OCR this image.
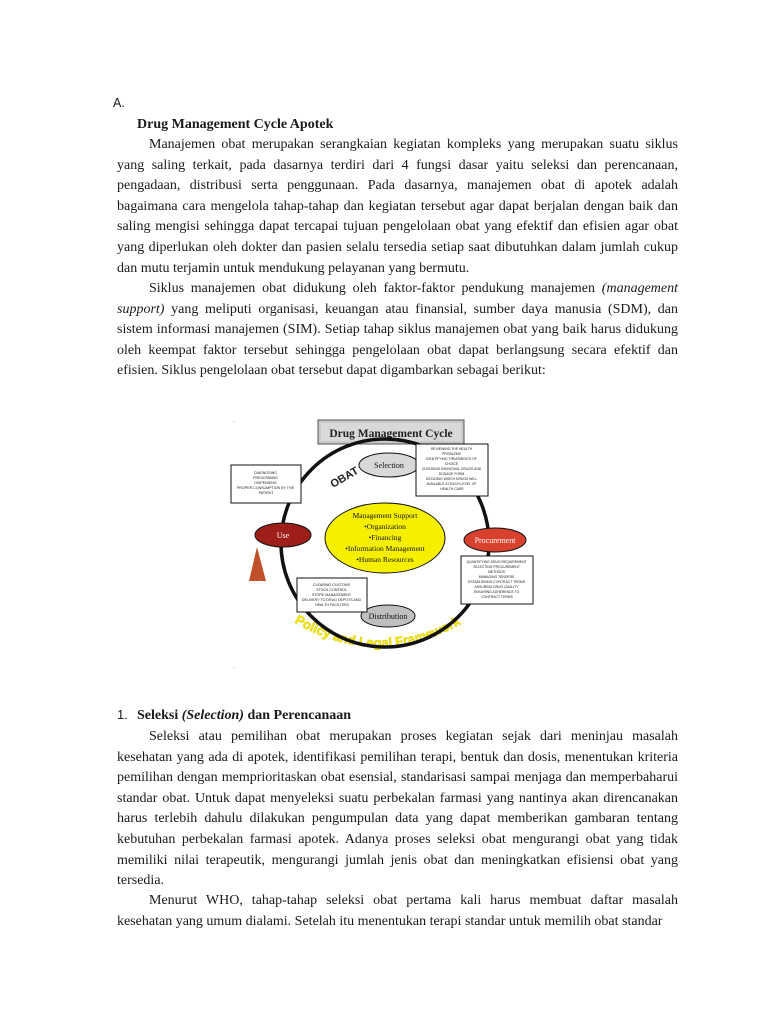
A.
Drug Management Cycle Apotek

Manajemen obat merupakan serangkaian kegiatan kompleks yang merupakan suatu siklus yang saling terkait, pada dasarnya terdiri dari 4 fungsi dasar yaitu seleksi dan perencanaan, pengadaan, distribusi serta penggunaan. Pada dasarnya, manajemen obat di apotek adalah bagaimana cara mengelola tahap-tahap dan kegiatan tersebut agar dapat berjalan dengan baik dan saling mengisi sehingga dapat tercapai tujuan pengelolaan obat yang efektif dan efisien agar obat yang diperlukan oleh dokter dan pasien selalu tersedia setiap saat dibutuhkan dalam jumlah cukup dan mutu terjamin untuk mendukung pelayanan yang bermutu.

Siklus manajemen obat didukung oleh faktor-faktor pendukung manajemen (management support) yang meliputi organisasi, keuangan atau finansial, sumber daya manusia (SDM), dan sistem informasi manajemen (SIM). Setiap tahap siklus manajemen obat yang baik harus didukung oleh keempat faktor tersebut sehingga pengelolaan obat dapat berlangsung secara efektif dan efisien. Siklus pengelolaan obat tersebut dapat digambarkan sebagai berikut:

.
.
Policy and Legal Framework
Drug Management Cycle
OBAT
Management Support
•Organization
•Financing
•Information Management
•Human Resources
Selection
Procurement
Distribution
Use
DIAGNOSING PRESCRIBING DISPENSING PROPER CONSUMPTION BY THE PATIENT
REVIEWING THE HEALTH PROBLEMS IDENTIFYING TREATMENTS OF CHOICE CHOOSING INDIVIDUAL DRUGS AND DOSAGE FORM DECIDING WHICH DRUGS WILL AVAILABLE AT EACH LEVEL OF HEALTH CARE
QUANTIFYING DRUG REQUIREMENT SELECTING PROCUREMENT METHODS MANAGING TENDERS ESTABLISHING CONTRACT TERMS ASSURING DRUG QUALITY ENSURING ADHERENCE TO CONTRACT TERMS
CLEARING CUSTOMS STOCK CONTROL STORE MANAGEMENT DELIVERY TO DRUG DEPOTS AND HEALTH FACILITIES
1. Seleksi (Selection) dan Perencanaan

Seleksi atau pemilihan obat merupakan proses kegiatan sejak dari meninjau masalah kesehatan yang ada di apotek, identifikasi pemilihan terapi, bentuk dan dosis, menentukan kriteria pemilihan dengan memprioritaskan obat esensial, standarisasi sampai menjaga dan memperbaharui standar obat. Untuk dapat menyeleksi suatu perbekalan farmasi yang nantinya akan direncanakan harus terlebih dahulu dilakukan pengumpulan data yang dapat memberikan gambaran tentang kebutuhan perbekalan farmasi apotek. Adanya proses seleksi obat mengurangi obat yang tidak memiliki nilai terapeutik, mengurangi jumlah jenis obat dan meningkatkan efisiensi obat yang tersedia.

Menurut WHO, tahap-tahap seleksi obat pertama kali harus membuat daftar masalah kesehatan yang umum dialami. Setelah itu menentukan terapi standar untuk memilih obat standar
